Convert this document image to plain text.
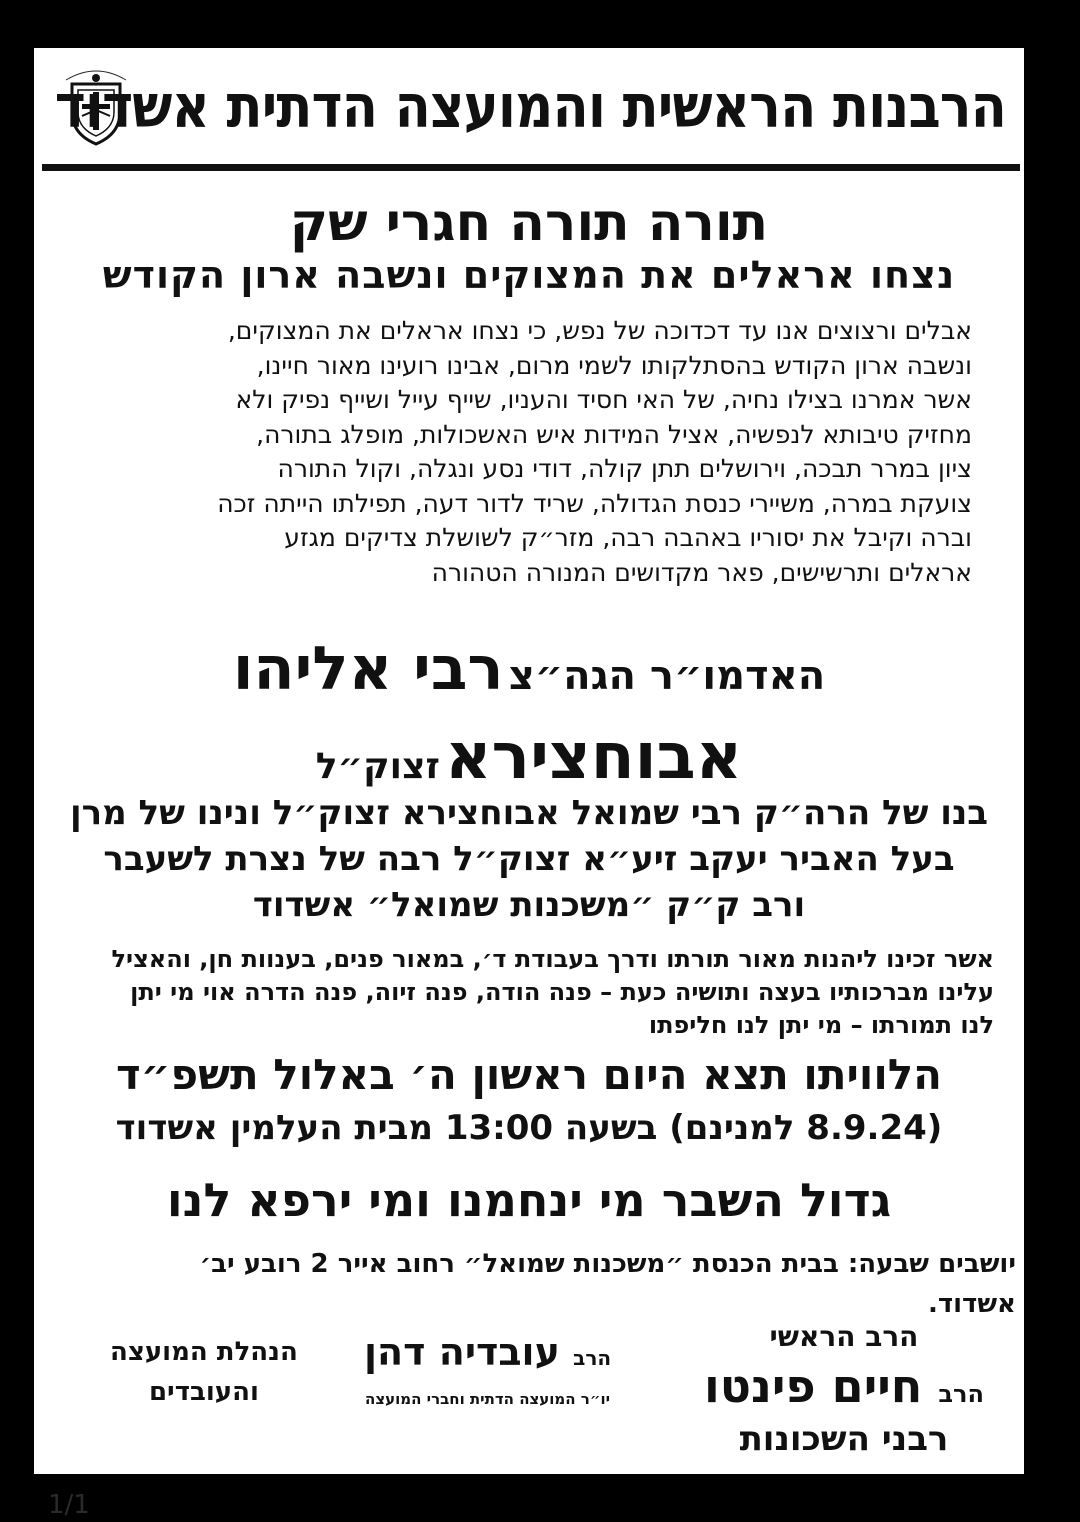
הרבנות הראשית והמועצה הדתית אשדוד
תורה תורה חגרי שק
נצחו אראלים את המצוקים ונשבה ארון הקודש
אבלים ורצוצים אנו עד דכדוכה של נפש, כי נצחו אראלים את המצוקים,
ונשבה ארון הקודש בהסתלקותו לשמי מרום, אבינו רועינו מאור חיינו,
אשר אמרנו בצילו נחיה, של האי חסיד והעניו, שייף עייל ושייף נפיק ולא
מחזיק טיבותא לנפשיה, אציל המידות איש האשכולות, מופלג בתורה,
ציון במרר תבכה, וירושלים תתן קולה, דודי נסע ונגלה, וקול התורה
צועקת במרה, משיירי כנסת הגדולה, שריד לדור דעה, תפילתו הייתה זכה
וברה וקיבל את יסוריו באהבה רבה, מזר״ק לשושלת צדיקים מגזע
אראלים ותרשישים, פאר מקדושים המנורה הטהורה
האדמו״ר הגה״צ רבי אליהו
אבוחצירא זצוק״ל
בנו של הרה״ק רבי שמואל אבוחצירא זצוק״ל ונינו של מרן
בעל האביר יעקב זיע״א זצוק״ל רבה של נצרת לשעבר
ורב ק״ק ״משכנות שמואל״ אשדוד
אשר זכינו ליהנות מאור תורתו ודרך בעבודת ד׳, במאור פנים, בענוות חן, והאציל
עלינו מברכותיו בעצה ותושיה כעת – פנה הודה, פנה זיוה, פנה הדרה אוי מי יתן
לנו תמורתו – מי יתן לנו חליפתו
הלוויתו תצא היום ראשון ה׳ באלול תשפ״ד
(8.9.24 למנינם) בשעה 13:00 מבית העלמין אשדוד
גדול השבר מי ינחמנו ומי ירפא לנו
יושבים שבעה: בבית הכנסת ״משכנות שמואל״ רחוב אייר 2 רובע יב׳
אשדוד.
הרב הראשי
הרב חיים פינטו
רבני השכונות
הרב עובדיה דהן
יו״ר המועצה הדתית וחברי המועצה
הנהלת המועצה
והעובדים
1/1
